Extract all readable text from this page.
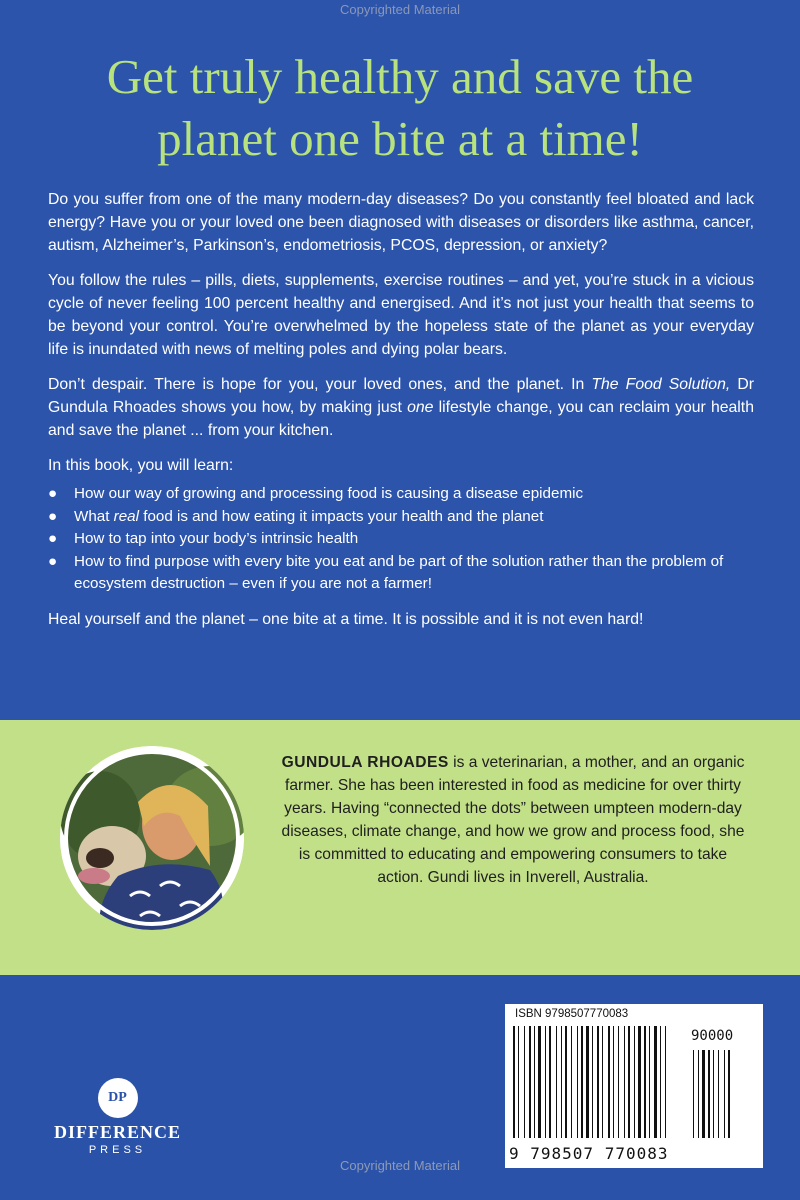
Copyrighted Material
Get truly healthy and save the
planet one bite at a time!

Do you suffer from one of the many modern-day diseases? Do you constantly feel bloated and lack energy? Have you or your loved one been diagnosed with diseases or disorders like asthma, cancer, autism, Alzheimer’s, Parkinson’s, endometriosis, PCOS, depression, or anxiety?

You follow the rules – pills, diets, supplements, exercise routines – and yet, you’re stuck in a vicious cycle of never feeling 100 percent healthy and energised. And it’s not just your health that seems to be beyond your control. You’re overwhelmed by the hopeless state of the planet as your everyday life is inundated with news of melting poles and dying polar bears.

Don’t despair. There is hope for you, your loved ones, and the planet. In The Food Solution, Dr Gundula Rhoades shows you how, by making just one lifestyle change, you can reclaim your health and save the planet ... from your kitchen.

In this book, you will learn:

● How our way of growing and processing food is causing a disease epidemic
● What real food is and how eating it impacts your health and the planet
● How to tap into your body’s intrinsic health
● How to find purpose with every bite you eat and be part of the solution rather than the problem of ecosystem destruction – even if you are not a farmer!

Heal yourself and the planet – one bite at a time. It is possible and it is not even hard!

GUNDULA RHOADES is a veterinarian, a mother, and an organic farmer. She has been interested in food as medicine for over thirty years. Having “connected the dots” between umpteen modern-day diseases, climate change, and how we grow and process food, she is committed to educating and empowering consumers to take action. Gundi lives in Inverell, Australia.
DP
DIFFERENCE
PRESS
ISBN 9798507770083
90000
9 798507 770083
Copyrighted Material
